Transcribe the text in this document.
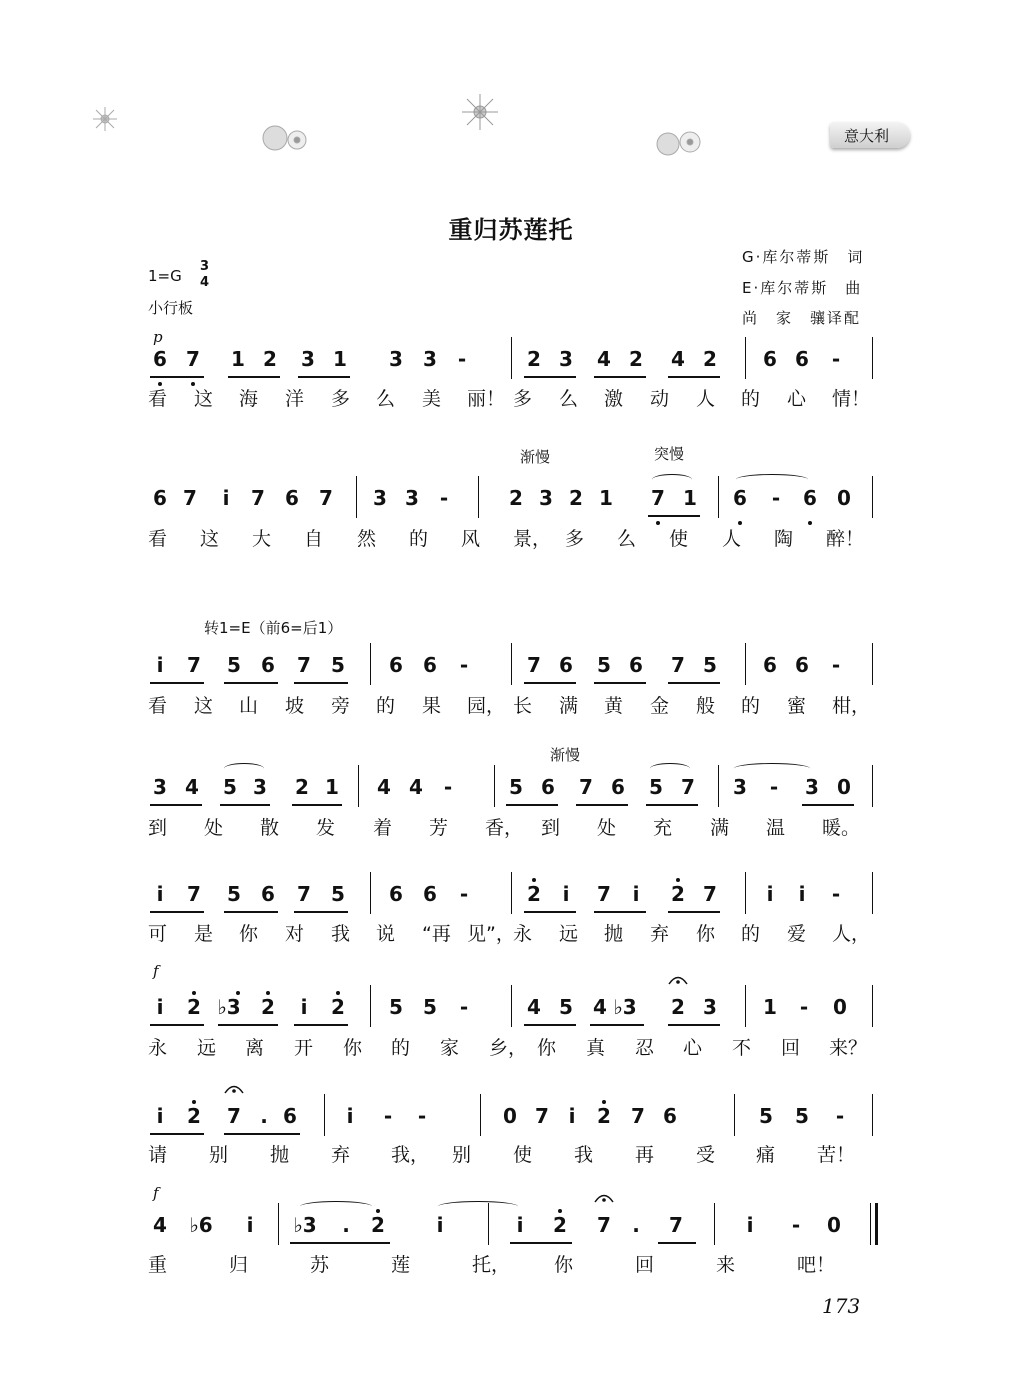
意大利
重归苏莲托
G·库尔蒂斯　词
E·库尔蒂斯　曲
尚　家　骧译配
1=G
3
4
小行板
p
6 7 1 2 3 1 3 3	-	2 3 4 2 4 2 6 6	-
看 这 海 洋 多 么 美 丽！ 多 么 激 动 人 的 心 情！
渐慢	突慢
6 7	i	7 6 7 3 3	-	2 3 2 1 7 1 6	-	6 0
看 这 大 自 然 的 风 景， 多 么 使 人 陶 醉！
转1=E（前6=后1）
i	7 5 6 7 5 6 6	-	7 6 5 6 7 5 6 6	-
看 这 山 坡 旁 的 果 园， 长 满 黄 金 般 的 蜜 柑，
渐慢
3 4 5 3 2 1 4 4	-	5 6 7 6 5 7 3	-	3 0
到 处 散 发 着 芳 香， 到 处 充 满 温 暖。
i	7 5 6 7 5 6 6	-	2	i	7	i	2 7	i	i	-
可 是 你 对 我 说 “再 见”，
永 远 抛 弃 你 的 爱 人，
f
i	2 ♭3 2	i	2 5 5	-	4 5 4 ♭3 2 3 1	-	0
永 远 离 开 你 的 家 乡， 你 真 忍 心 不 回 来？
i	2 7 . 6	i	-	-	0 7 i	2 7 6	5 5	-
请 别 抛 弃 我， 别 使 我 再 受 痛 苦！
f
4 ♭6	i	♭3	.	2	i	i	2 7	.	7	i	-	0
重	归	苏	莲	托， 你	回	来	吧！
173
